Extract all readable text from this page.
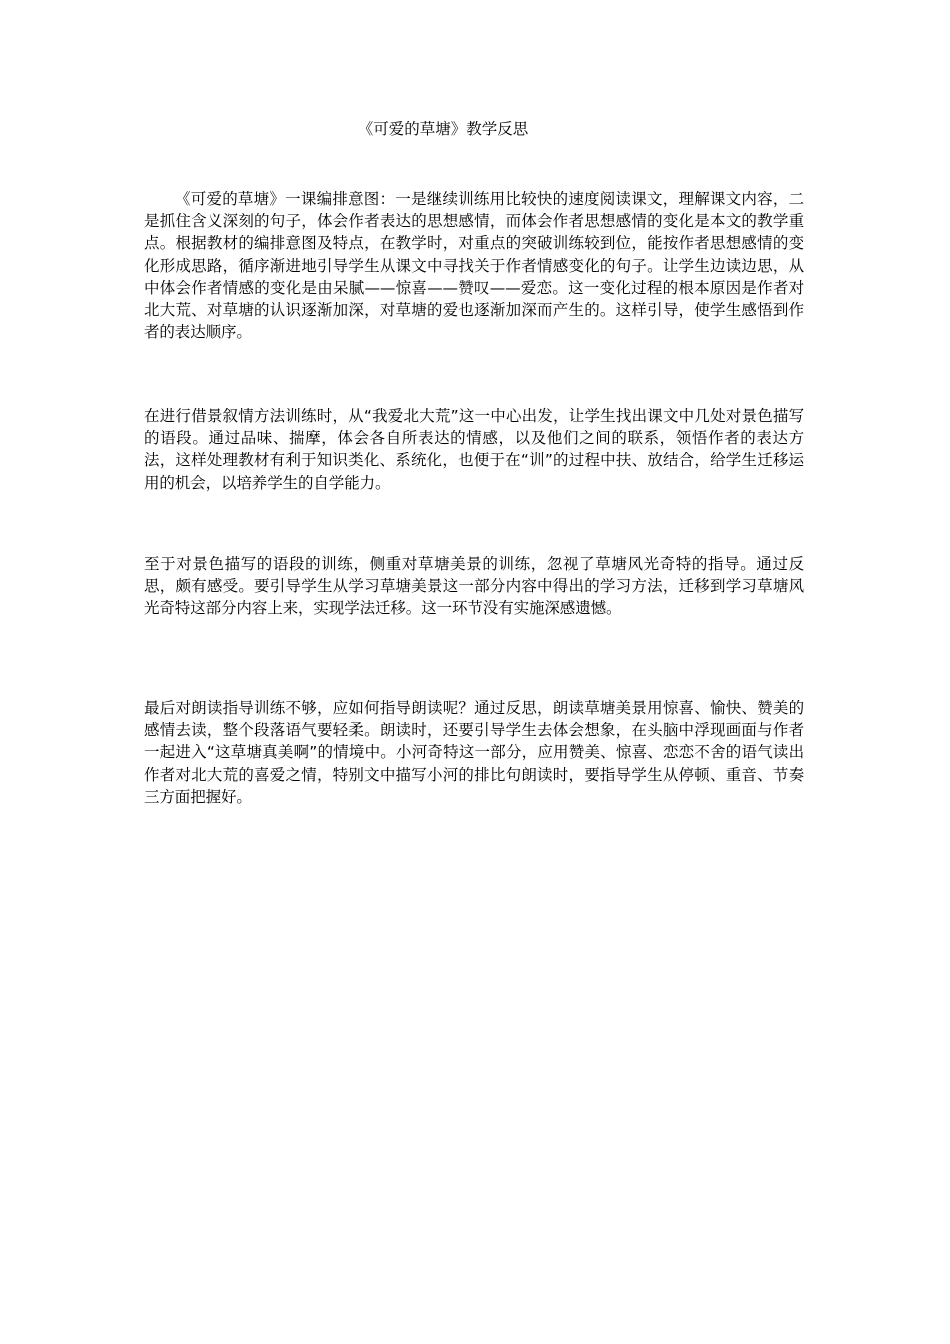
《可爱的草塘》教学反思

《可爱的草塘》一课编排意图：一是继续训练用比较快的速度阅读课文，理解课文内容，二是抓住含义深刻的句子，体会作者表达的思想感情，而体会作者思想感情的变化是本文的教学重点。根据教材的编排意图及特点，在教学时，对重点的突破训练较到位，能按作者思想感情的变化形成思路，循序渐进地引导学生从课文中寻找关于作者情感变化的句子。让学生边读边思，从中体会作者情感的变化是由呆腻——惊喜——赞叹——爱恋。这一变化过程的根本原因是作者对北大荒、对草塘的认识逐渐加深，对草塘的爱也逐渐加深而产生的。这样引导，使学生感悟到作者的表达顺序。

在进行借景叙情方法训练时，从“我爱北大荒”这一中心出发，让学生找出课文中几处对景色描写的语段。通过品味、揣摩，体会各自所表达的情感，以及他们之间的联系，领悟作者的表达方法，这样处理教材有利于知识类化、系统化，也便于在“训”的过程中扶、放结合，给学生迁移运用的机会，以培养学生的自学能力。

至于对景色描写的语段的训练，侧重对草塘美景的训练，忽视了草塘风光奇特的指导。通过反思，颇有感受。要引导学生从学习草塘美景这一部分内容中得出的学习方法，迁移到学习草塘风光奇特这部分内容上来，实现学法迁移。这一环节没有实施深感遗憾。

最后对朗读指导训练不够，应如何指导朗读呢？通过反思，朗读草塘美景用惊喜、愉快、赞美的感情去读，整个段落语气要轻柔。朗读时，还要引导学生去体会想象，在头脑中浮现画面与作者一起进入“这草塘真美啊”的情境中。小河奇特这一部分，应用赞美、惊喜、恋恋不舍的语气读出作者对北大荒的喜爱之情，特别文中描写小河的排比句朗读时，要指导学生从停顿、重音、节奏三方面把握好。
